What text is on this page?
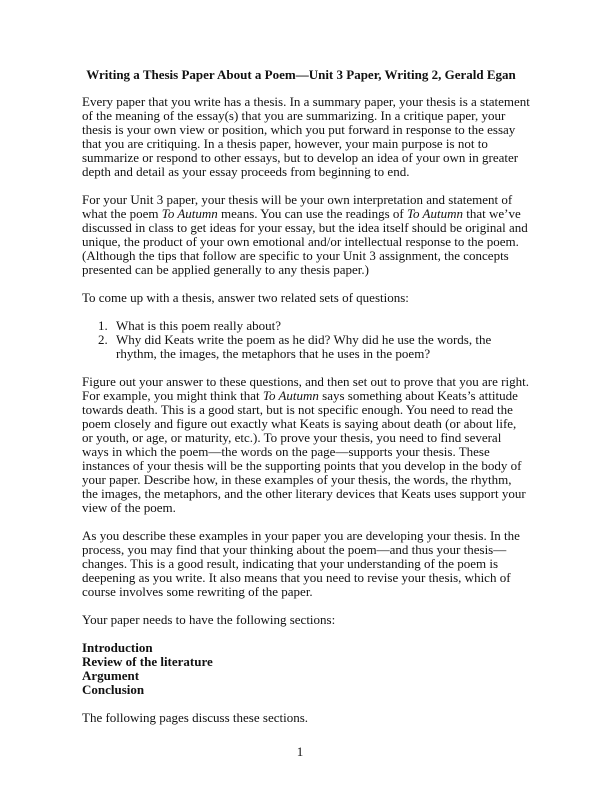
Writing a Thesis Paper About a Poem—Unit 3 Paper, Writing 2, Gerald Egan

Every paper that you write has a thesis. In a summary paper, your thesis is a statement of the meaning of the essay(s) that you are summarizing. In a critique paper, your thesis is your own view or position, which you put forward in response to the essay that you are critiquing. In a thesis paper, however, your main purpose is not to summarize or respond to other essays, but to develop an idea of your own in greater depth and detail as your essay proceeds from beginning to end.

For your Unit 3 paper, your thesis will be your own interpretation and statement of what the poem To Autumn means. You can use the readings of To Autumn that we’ve discussed in class to get ideas for your essay, but the idea itself should be original and unique, the product of your own emotional and/or intellectual response to the poem. (Although the tips that follow are specific to your Unit 3 assignment, the concepts presented can be applied generally to any thesis paper.)

To come up with a thesis, answer two related sets of questions:

1. What is this poem really about?
2. Why did Keats write the poem as he did? Why did he use the words, the rhythm, the images, the metaphors that he uses in the poem?

Figure out your answer to these questions, and then set out to prove that you are right. For example, you might think that To Autumn says something about Keats’s attitude towards death. This is a good start, but is not specific enough. You need to read the poem closely and figure out exactly what Keats is saying about death (or about life, or youth, or age, or maturity, etc.). To prove your thesis, you need to find several ways in which the poem—the words on the page—supports your thesis. These instances of your thesis will be the supporting points that you develop in the body of your paper. Describe how, in these examples of your thesis, the words, the rhythm, the images, the metaphors, and the other literary devices that Keats uses support your view of the poem.

As you describe these examples in your paper you are developing your thesis. In the process, you may find that your thinking about the poem—and thus your thesis—changes. This is a good result, indicating that your understanding of the poem is deepening as you write. It also means that you need to revise your thesis, which of course involves some rewriting of the paper.

Your paper needs to have the following sections:

Introduction
Review of the literature
Argument
Conclusion

The following pages discuss these sections.

1
